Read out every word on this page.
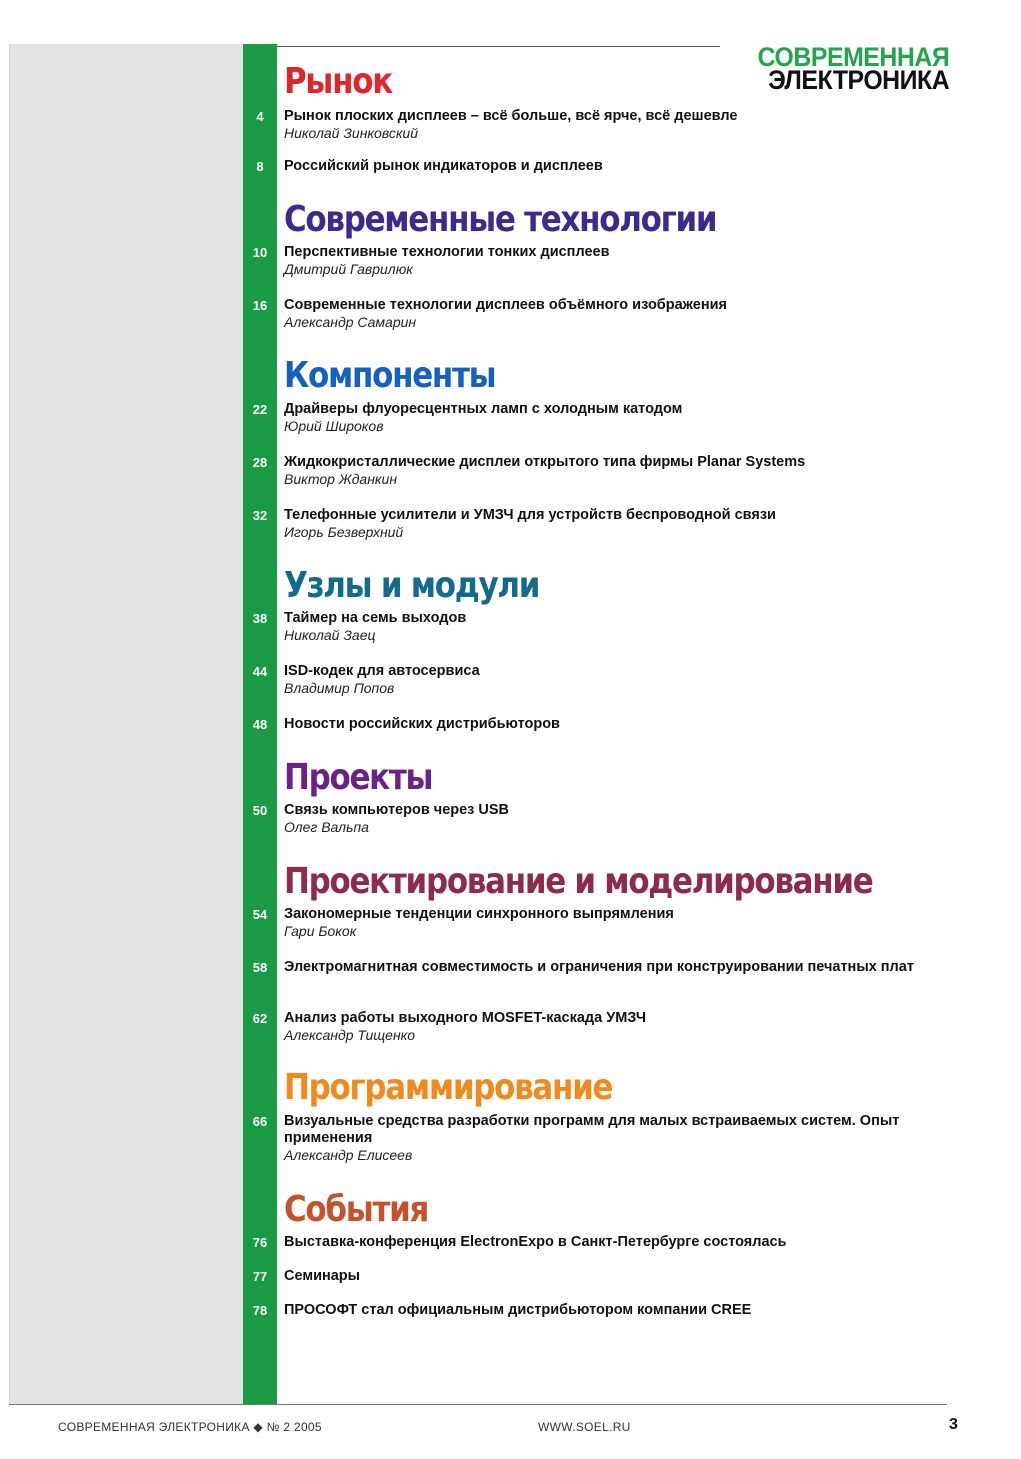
СОВРЕМЕННАЯ
ЭЛЕКТРОНИКА
Рынок
4	Рынок плоских дисплеев – всё больше, всё ярче, всё дешевле
Николай Зинковский
8	Российский рынок индикаторов и дисплеев
Современные технологии
10	Перспективные технологии тонких дисплеев
Дмитрий Гаврилюк
16	Современные технологии дисплеев объёмного изображения
Александр Самарин
Компоненты
22	Драйверы флуоресцентных ламп с холодным катодом
Юрий Широков
28	Жидкокристаллические дисплеи открытого типа фирмы Planar Systems
Виктор Жданкин
32	Телефонные усилители и УМЗЧ для устройств беспроводной связи
Игорь Безверхний
Узлы и модули
38	Таймер на семь выходов
Николай Заец
44	ISD-кодек для автосервиса
Владимир Попов
48	Новости российских дистрибьюторов
Проекты
50	Связь компьютеров через USB
Олег Вальпа
Проектирование и моделирование
54	Закономерные тенденции синхронного выпрямления
Гари Бокок
58	Электромагнитная совместимость и ограничения при конструировании печатных плат
62	Анализ работы выходного MOSFET-каскада УМЗЧ
Александр Тищенко
Программирование
66	Визуальные средства разработки программ для малых встраиваемых систем. Опыт применения
Александр Елисеев
События
76	Выставка-конференция ElectronExpo в Санкт-Петербурге состоялась
77	Семинары
78	ПРОСОФТ стал официальным дистрибьютором компании CREE
СОВРЕМЕННАЯ ЭЛЕКТРОНИКА ◆ № 2 2005	WWW.SOEL.RU	3
